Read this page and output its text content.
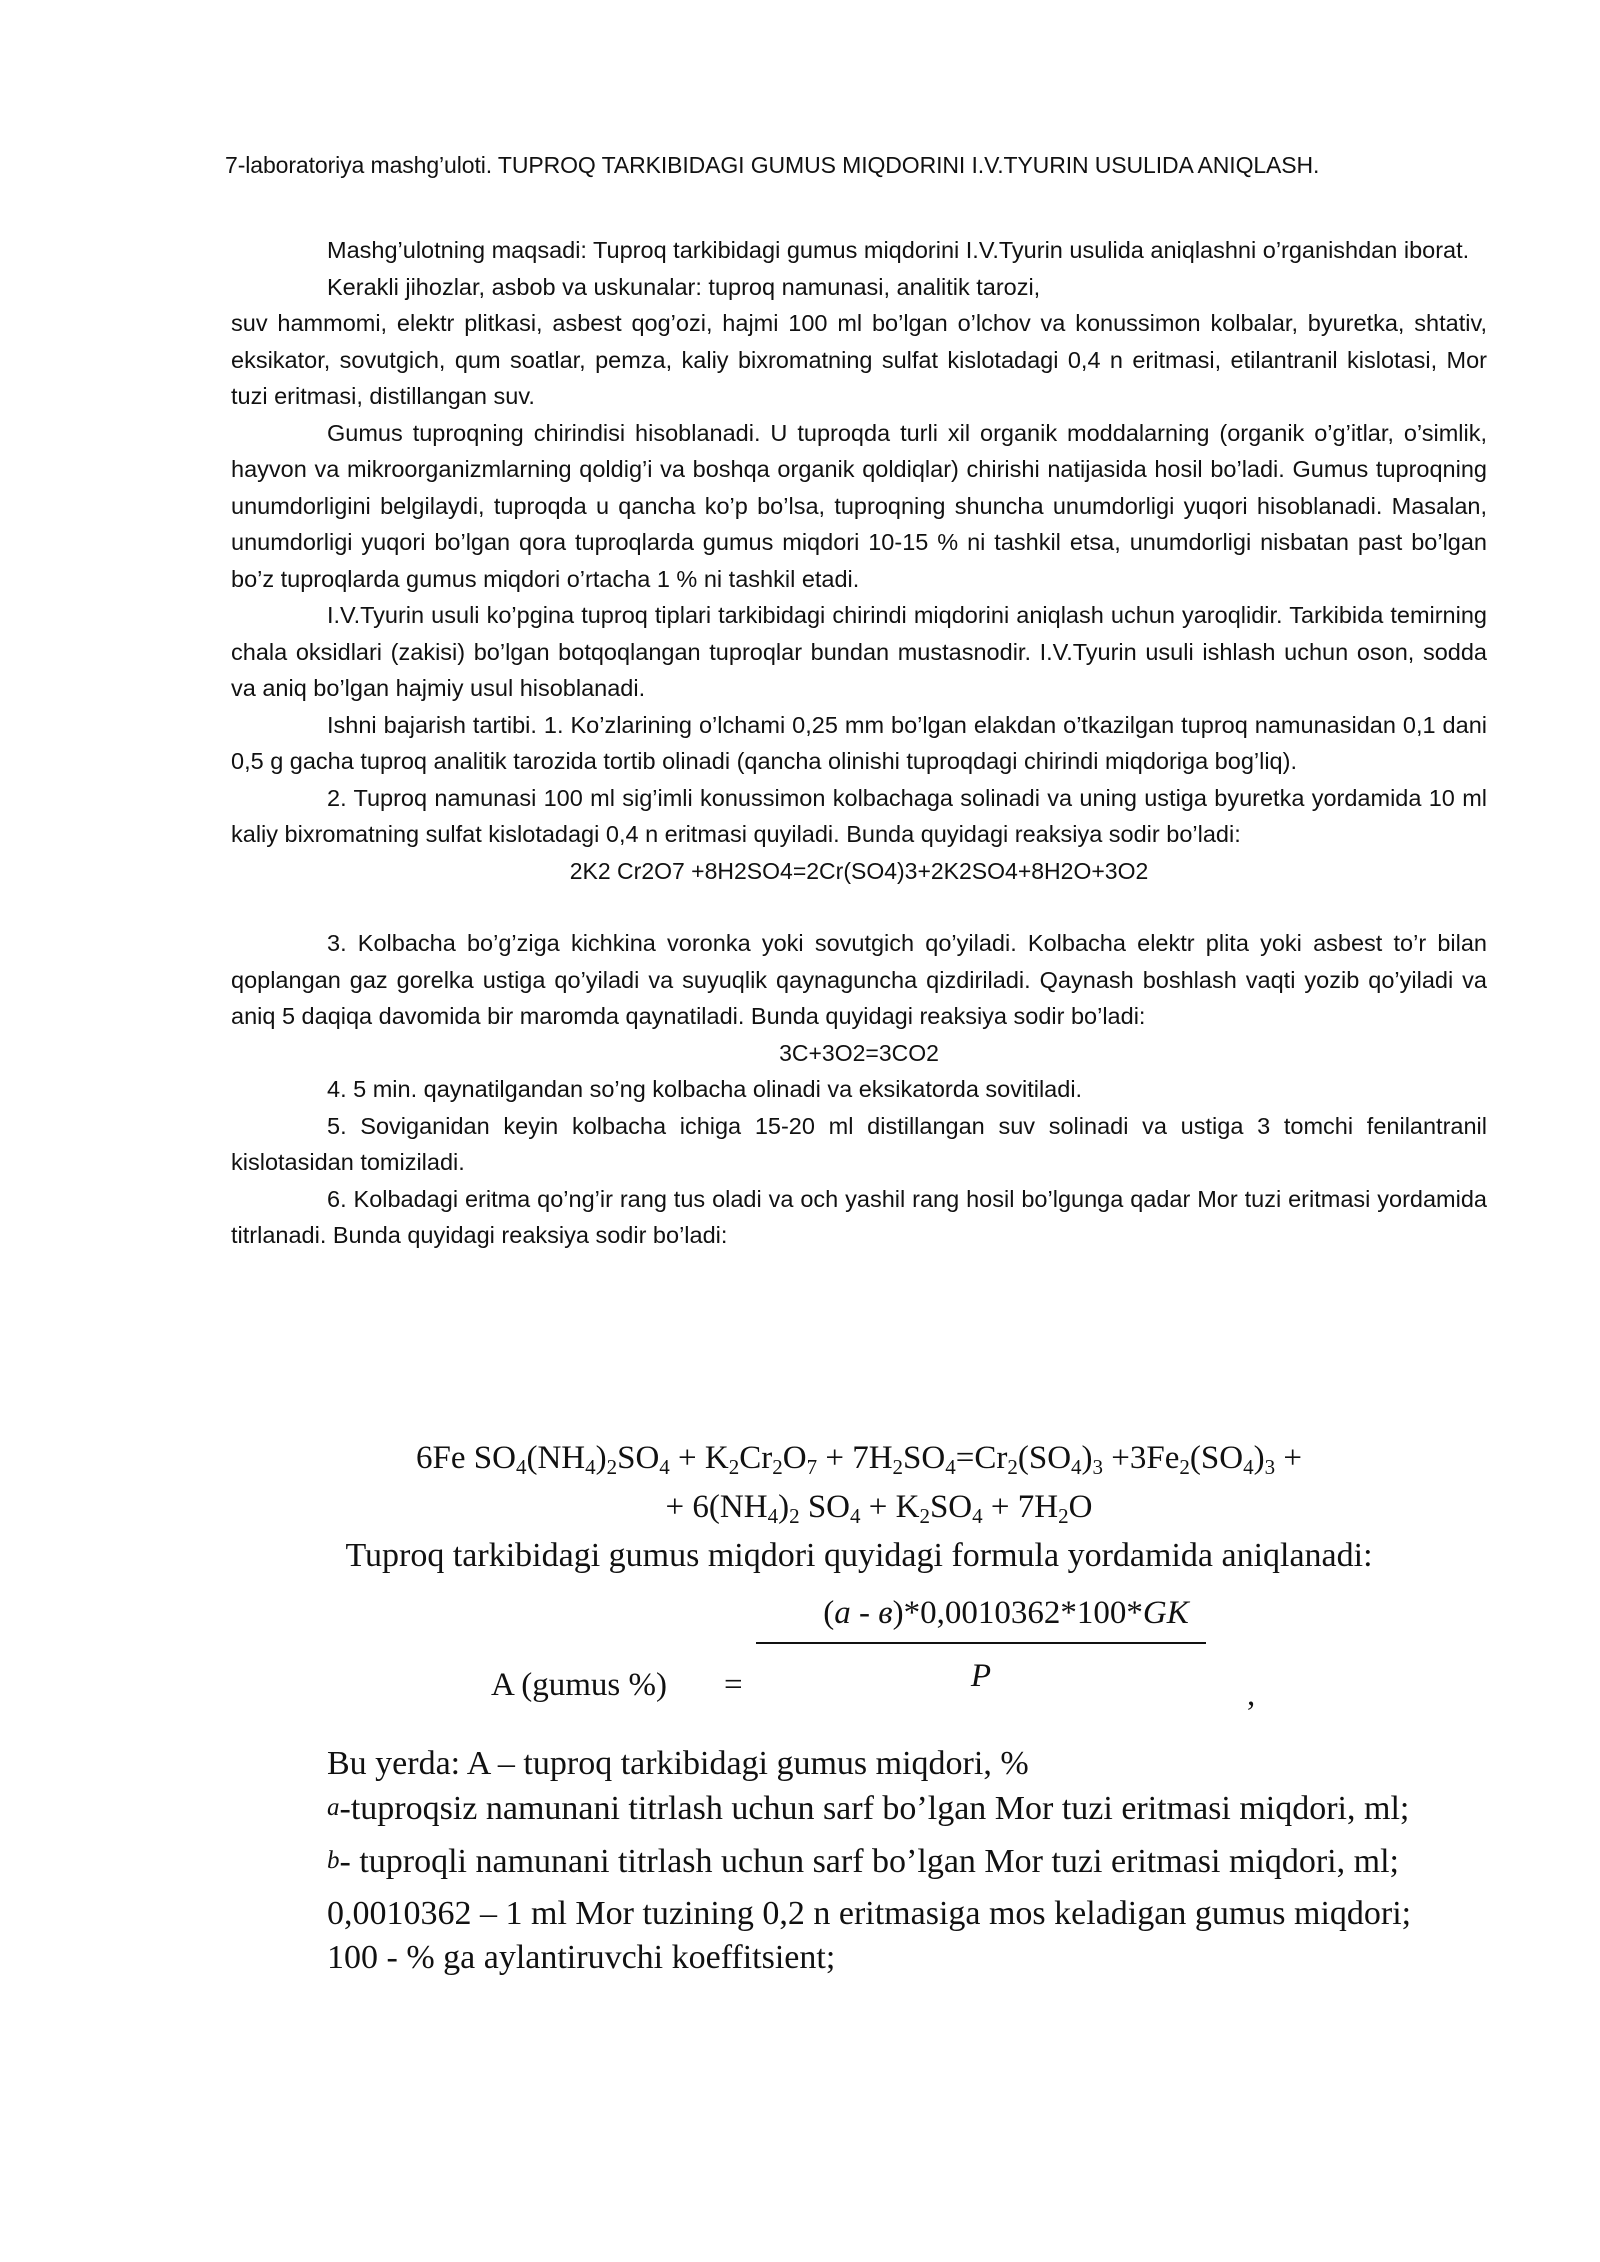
7-laboratoriya mashg’uloti. TUPROQ TARKIBIDAGI GUMUS MIQDORINI I.V.TYURIN USULIDA ANIQLASH.

Mashg’ulotning maqsadi: Tuproq tarkibidagi gumus miqdorini I.V.Tyurin usulida aniqlashni o’rganishdan iborat.

Kerakli jihozlar, asbob va uskunalar: tuproq namunasi, analitik tarozi,

suv hammomi, elektr plitkasi, asbest qog’ozi, hajmi 100 ml bo’lgan o’lchov va konussimon kolbalar, byuretka, shtativ, eksikator, sovutgich, qum soatlar, pemza, kaliy bixromatning sulfat kislotadagi 0,4 n eritmasi, etilantranil kislotasi, Mor tuzi eritmasi, distillangan suv.

Gumus tuproqning chirindisi hisoblanadi. U tuproqda turli xil organik moddalarning (organik o’g’itlar, o’simlik, hayvon va mikroorganizmlarning qoldig’i va boshqa organik qoldiqlar) chirishi natijasida hosil bo’ladi. Gumus tuproqning unumdorligini belgilaydi, tuproqda u qancha ko’p bo’lsa, tuproqning shuncha unumdorligi yuqori hisoblanadi. Masalan, unumdorligi yuqori bo’lgan qora tuproqlarda gumus miqdori 10-15 % ni tashkil etsa, unumdorligi nisbatan past bo’lgan bo’z tuproqlarda gumus miqdori o’rtacha 1 % ni tashkil etadi.

I.V.Tyurin usuli ko’pgina tuproq tiplari tarkibidagi chirindi miqdorini aniqlash uchun yaroqlidir. Tarkibida temirning chala oksidlari (zakisi) bo’lgan botqoqlangan tuproqlar bundan mustasnodir. I.V.Tyurin usuli ishlash uchun oson, sodda va aniq bo’lgan hajmiy usul hisoblanadi.

Ishni bajarish tartibi. 1. Ko’zlarining o’lchami 0,25 mm bo’lgan elakdan o’tkazilgan tuproq namunasidan 0,1 dani 0,5 g gacha tuproq analitik tarozida tortib olinadi (qancha olinishi tuproqdagi chirindi miqdoriga bog’liq).

2. Tuproq namunasi 100 ml sig’imli konussimon kolbachaga solinadi va uning ustiga byuretka yordamida 10 ml kaliy bixromatning sulfat kislotadagi 0,4 n eritmasi quyiladi. Bunda quyidagi reaksiya sodir bo’ladi:

2K2 Cr2O7 +8H2SO4=2Cr(SO4)3+2K2SO4+8H2O+3O2

3. Kolbacha bo’g’ziga kichkina voronka yoki sovutgich qo’yiladi. Kolbacha elektr plita yoki asbest to’r bilan qoplangan gaz gorelka ustiga qo’yiladi va suyuqlik qaynaguncha qizdiriladi. Qaynash boshlash vaqti yozib qo’yiladi va aniq 5 daqiqa davomida bir maromda qaynatiladi. Bunda quyidagi reaksiya sodir bo’ladi:

3C+3O2=3CO2

4. 5 min. qaynatilgandan so’ng kolbacha olinadi va eksikatorda sovitiladi.

5. Soviganidan keyin kolbacha ichiga 15-20 ml distillangan suv solinadi va ustiga 3 tomchi fenilantranil kislotasidan tomiziladi.

6. Kolbadagi eritma qo’ng’ir rang tus oladi va och yashil rang hosil bo’lgunga qadar Mor tuzi eritmasi yordamida titrlanadi. Bunda quyidagi reaksiya sodir bo’ladi:

6Fe $SO_4(NH_4)_2SO_4 + K_2Cr_2O_7 + 7H_2SO_4=Cr_2(SO_4)_3 +3Fe_2(SO_4)_3$ +
+ $6(NH_4)_2$ $SO_4 + K_2SO_4 + 7H_2O$
Tuproq tarkibidagi gumus miqdori quyidagi formula yordamida aniqlanadi:
A (gumus %) =
(a - в)*0,0010362*100*GK
P
,

Bu yerda: A – tuproq tarkibidagi gumus miqdori, %

a-tuproqsiz namunani titrlash uchun sarf bo’lgan Mor tuzi eritmasi miqdori, ml;

b- tuproqli namunani titrlash uchun sarf bo’lgan Mor tuzi eritmasi miqdori, ml;

0,0010362 – 1 ml Mor tuzining 0,2 n eritmasiga mos keladigan gumus miqdori;

100 - % ga aylantiruvchi koeffitsient;
